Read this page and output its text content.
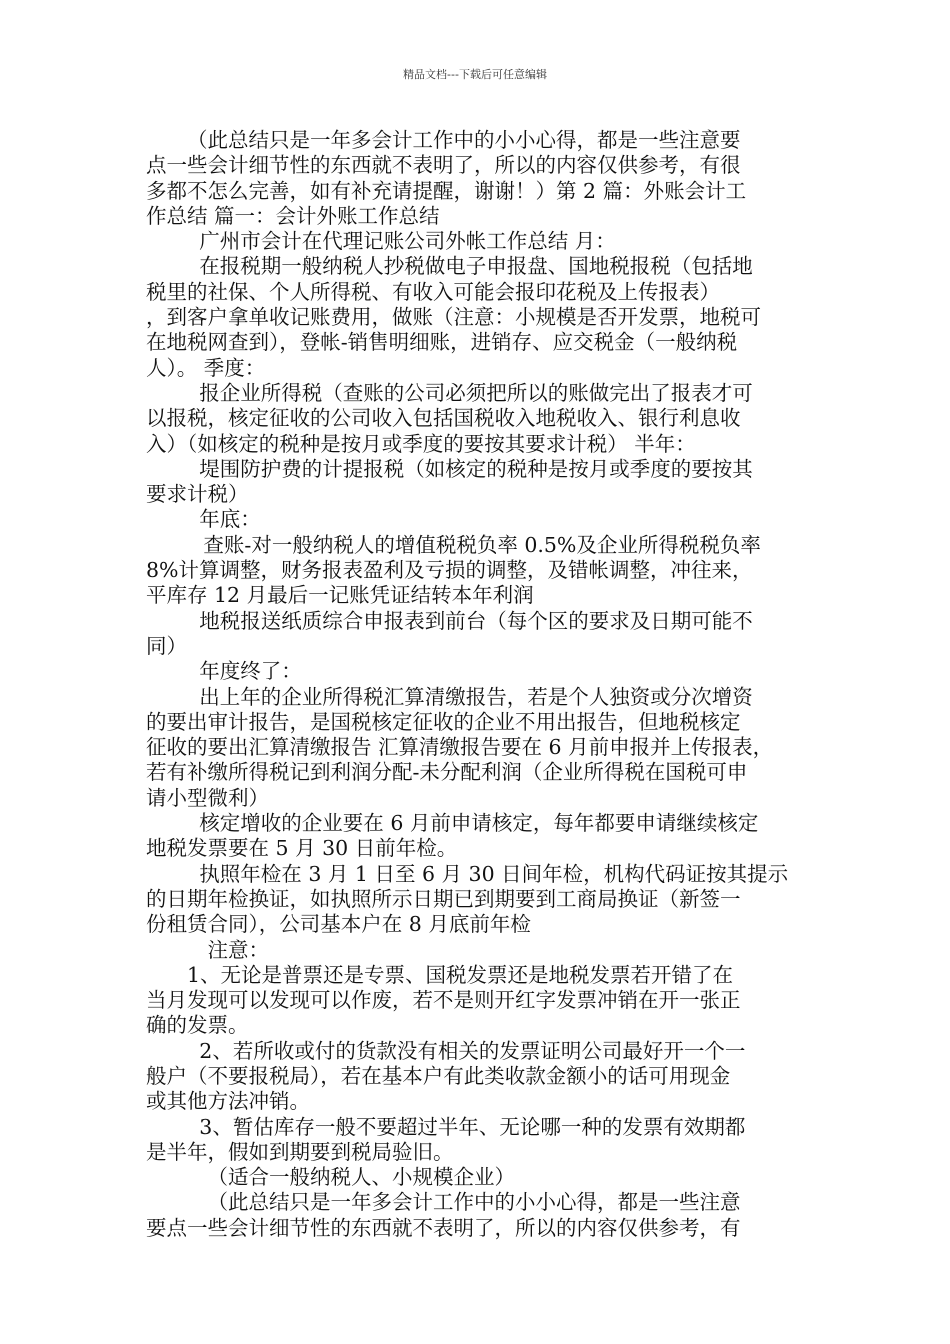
精品文档---下载后可任意编辑
（此总结只是一年多会计工作中的小小心得，都是一些注意要
点一些会计细节性的东西就不表明了，所以的内容仅供参考，有很
多都不怎么完善，如有补充请提醒，谢谢！）第 2 篇：外账会计工
作总结 篇一：会计外账工作总结
广州市会计在代理记账公司外帐工作总结 月：
在报税期一般纳税人抄税做电子申报盘、国地税报税（包括地
税里的社保、个人所得税、有收入可能会报印花税及上传报表）
，到客户拿单收记账费用，做账（注意：小规模是否开发票，地税可
在地税网查到），登帐-销售明细账，进销存、应交税金（一般纳税
人）。 季度：
报企业所得税（查账的公司必须把所以的账做完出了报表才可
以报税，核定征收的公司收入包括国税收入地税收入、银行利息收
入）（如核定的税种是按月或季度的要按其要求计税） 半年：
堤围防护费的计提报税（如核定的税种是按月或季度的要按其
要求计税）
年底：
查账-对一般纳税人的增值税税负率 0.5%及企业所得税税负率
8%计算调整，财务报表盈利及亏损的调整，及错帐调整，冲往来，
平库存 12 月最后一记账凭证结转本年利润
地税报送纸质综合申报表到前台（每个区的要求及日期可能不
同）
年度终了：
出上年的企业所得税汇算清缴报告，若是个人独资或分次增资
的要出审计报告，是国税核定征收的企业不用出报告，但地税核定
征收的要出汇算清缴报告 汇算清缴报告要在 6 月前申报并上传报表，
若有补缴所得税记到利润分配-未分配利润（企业所得税在国税可申
请小型微利）
核定增收的企业要在 6 月前申请核定，每年都要申请继续核定
地税发票要在 5 月 30 日前年检。
执照年检在 3 月 1 日至 6 月 30 日间年检，机构代码证按其提示
的日期年检换证，如执照所示日期已到期要到工商局换证（新签一
份租赁合同），公司基本户在 8 月底前年检
注意：
1、无论是普票还是专票、国税发票还是地税发票若开错了在
当月发现可以发现可以作废，若不是则开红字发票冲销在开一张正
确的发票。
2、若所收或付的货款没有相关的发票证明公司最好开一个一
般户（不要报税局），若在基本户有此类收款金额小的话可用现金
或其他方法冲销。
3、暂估库存一般不要超过半年、无论哪一种的发票有效期都
是半年，假如到期要到税局验旧。
（适合一般纳税人、小规模企业）
（此总结只是一年多会计工作中的小小心得，都是一些注意
要点一些会计细节性的东西就不表明了，所以的内容仅供参考，有
